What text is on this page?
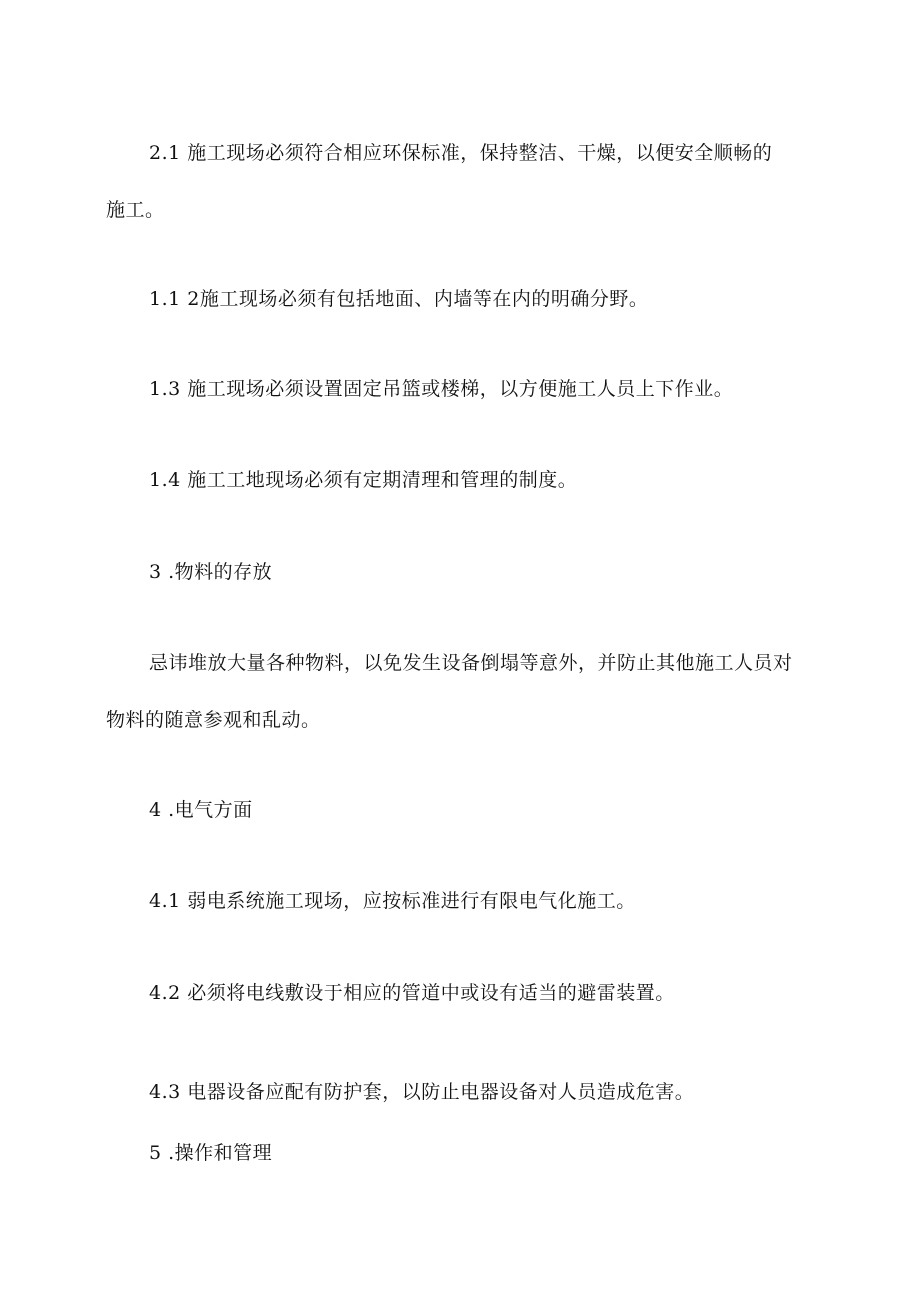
2.1 施工现场必须符合相应环保标准，保持整洁、干燥，以便安全顺畅的

施工。

1.1 2施工现场必须有包括地面、内墙等在内的明确分野。

1.3 施工现场必须设置固定吊篮或楼梯，以方便施工人员上下作业。

1.4 施工工地现场必须有定期清理和管理的制度。

3 .物料的存放

忌讳堆放大量各种物料，以免发生设备倒塌等意外，并防止其他施工人员对

物料的随意参观和乱动。

4 .电气方面

4.1 弱电系统施工现场，应按标准进行有限电气化施工。

4.2 必须将电线敷设于相应的管道中或设有适当的避雷装置。

4.3 电器设备应配有防护套，以防止电器设备对人员造成危害。

5 .操作和管理
